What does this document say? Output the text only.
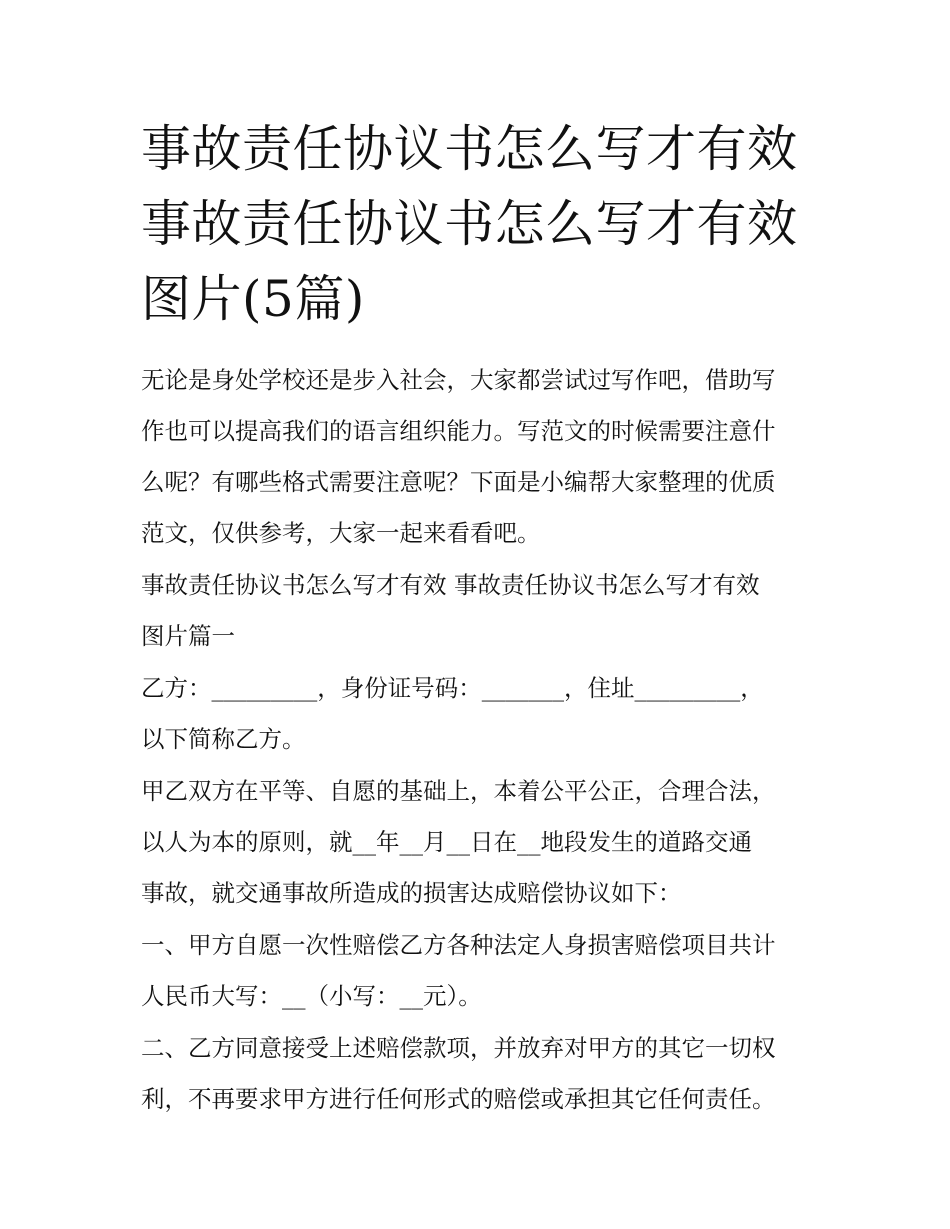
事故责任协议书怎么写才有效
事故责任协议书怎么写才有效
图片(5篇)

无论是身处学校还是步入社会，大家都尝试过写作吧，借助写
作也可以提高我们的语言组织能力。写范文的时候需要注意什
么呢？有哪些格式需要注意呢？下面是小编帮大家整理的优质
范文，仅供参考，大家一起来看看吧。

事故责任协议书怎么写才有效 事故责任协议书怎么写才有效
图片篇一

乙方：_________，身份证号码：_______，住址_________，
以下简称乙方。

甲乙双方在平等、自愿的基础上，本着公平公正，合理合法，
以人为本的原则，就__年__月__日在__地段发生的道路交通
事故，就交通事故所造成的损害达成赔偿协议如下：

一、甲方自愿一次性赔偿乙方各种法定人身损害赔偿项目共计
人民币大写：__（小写：__元）。

二、乙方同意接受上述赔偿款项，并放弃对甲方的其它一切权
利，不再要求甲方进行任何形式的赔偿或承担其它任何责任。
